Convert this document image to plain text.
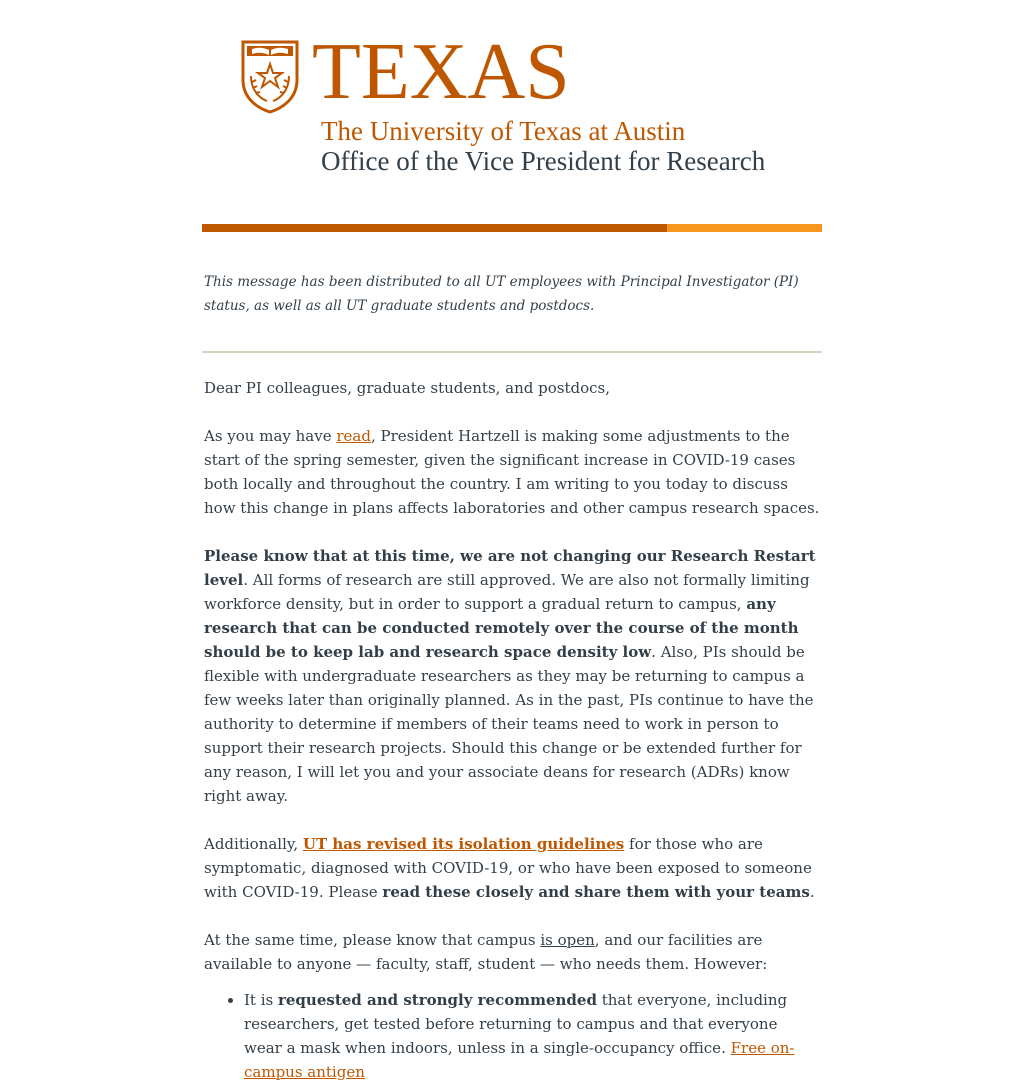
TEXAS
The University of Texas at Austin
Office of the Vice President for Research
This message has been distributed to all UT employees with Principal Investigator (PI) status, as well as all UT graduate students and postdocs.

Dear PI colleagues, graduate students, and postdocs,

As you may have read, President Hartzell is making some adjustments to the start of the spring semester, given the significant increase in COVID-19 cases both locally and throughout the country. I am writing to you today to discuss how this change in plans affects laboratories and other campus research spaces.

Please know that at this time, we are not changing our Research Restart level. All forms of research are still approved. We are also not formally limiting workforce density, but in order to support a gradual return to campus, any research that can be conducted remotely over the course of the month should be to keep lab and research space density low. Also, PIs should be flexible with undergraduate researchers as they may be returning to campus a few weeks later than originally planned. As in the past, PIs continue to have the authority to determine if members of their teams need to work in person to support their research projects. Should this change or be extended further for any reason, I will let you and your associate deans for research (ADRs) know right away.

Additionally, UT has revised its isolation guidelines for those who are symptomatic, diagnosed with COVID-19, or who have been exposed to someone with COVID-19. Please read these closely and share them with your teams.

At the same time, please know that campus is open, and our facilities are available to anyone — faculty, staff, student — who needs them. However:

• It is requested and strongly recommended that everyone, including researchers, get tested before returning to campus and that everyone wear a mask when indoors, unless in a single-occupancy office. Free on-campus antigen
